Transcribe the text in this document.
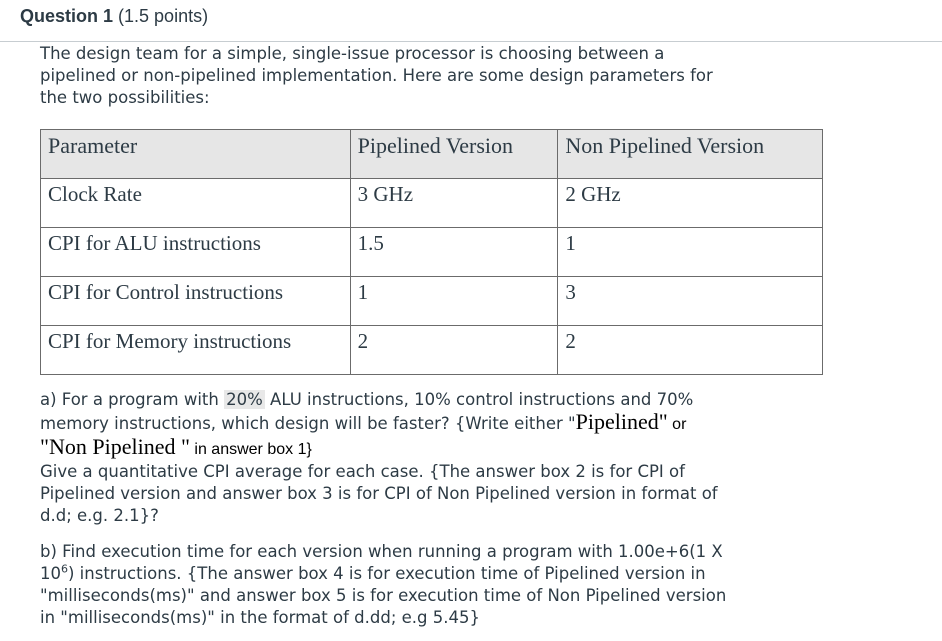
Question 1 (1.5 points)
The design team for a simple, single-issue processor is choosing between a
pipelined or non-pipelined implementation. Here are some design parameters for
the two possibilities:
Parameter	Pipelined Version	Non Pipelined Version
Clock Rate	3 GHz	2 GHz
CPI for ALU instructions	1.5	1
CPI for Control instructions	1	3
CPI for Memory instructions	2	2
a) For a program with 20% ALU instructions, 10% control instructions and 70%
memory instructions, which design will be faster? {Write either "Pipelined" or
"Non Pipelined " in answer box 1}
Give a quantitative CPI average for each case. {The answer box 2 is for CPI of
Pipelined version and answer box 3 is for CPI of Non Pipelined version in format of
d.d; e.g. 2.1}?
b) Find execution time for each version when running a program with 1.00e+6(1 X
$10^6$) instructions. {The answer box 4 is for execution time of Pipelined version in
"milliseconds(ms)" and answer box 5 is for execution time of Non Pipelined version
in "milliseconds(ms)" in the format of d.dd; e.g 5.45}
